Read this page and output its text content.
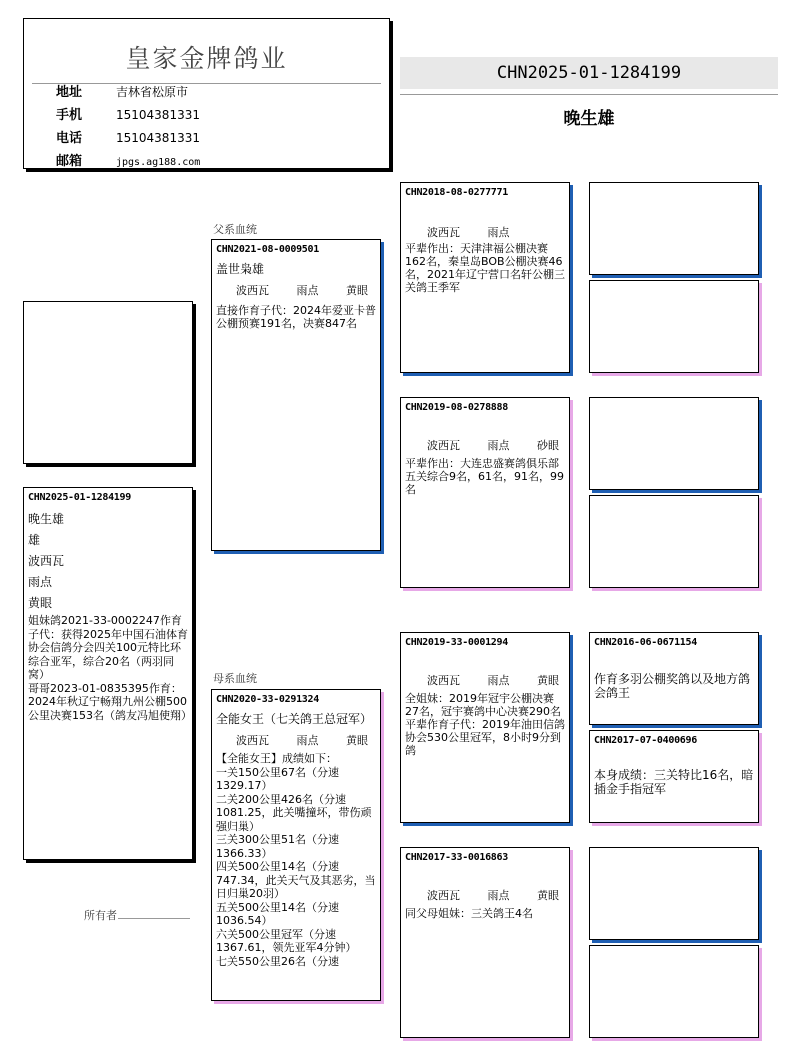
皇家金牌鸽业
地址	吉林省松原市
手机	15104381331
电话	15104381331
邮箱	jpgs.ag188.com
CHN2025-01-1284199
晚生雄
CHN2025-01-1284199
晚生雄
雄
波西瓦
雨点
黄眼
姐妹鸽2021-33-0002247作育子代：获得2025年中国石油体育协会信鸽分会四关100元特比环综合亚军，综合20名（两羽同窝）
哥哥2023-01-0835395作育：2024年秋辽宁畅翔九州公棚500公里决赛153名（鸽友冯旭使翔）
所有者
父系血统
母系血统
CHN2021-08-0009501
盖世枭雄
波西瓦 雨点 黄眼
直接作育子代：2024年爱亚卡普公棚预赛191名，决赛847名
CHN2020-33-0291324
全能女王（七关鸽王总冠军）
波西瓦 雨点 黄眼
【全能女王】成绩如下：
一关150公里67名（分速1329.17）
二关200公里426名（分速1081.25，此关嘴撞坏，带伤顽强归巢）
三关300公里51名（分速1366.33）
四关500公里14名（分速747.34，此关天气及其恶劣，当日归巢20羽）
五关500公里14名（分速1036.54）
六关500公里冠军（分速1367.61，领先亚军4分钟）
七关550公里26名（分速
CHN2018-08-0277771
波西瓦 雨点
平辈作出：天津津福公棚决赛162名，秦皇岛BOB公棚决赛46名，2021年辽宁营口名轩公棚三关鸽王季军
CHN2019-08-0278888
波西瓦 雨点 砂眼
平辈作出：大连忠盛赛鸽俱乐部五关综合9名，61名，91名，99名
CHN2019-33-0001294
波西瓦 雨点 黄眼
全姐妹：2019年冠宇公棚决赛27名，冠宇赛鸽中心决赛290名
平辈作育子代：2019年油田信鸽协会530公里冠军，8小时9分到鸽
CHN2017-33-0016863
波西瓦 雨点 黄眼
同父母姐妹：三关鸽王4名
CHN2016-06-0671154
作育多羽公棚奖鸽以及地方鸽会鸽王
CHN2017-07-0400696
本身成绩：三关特比16名，暗插金手指冠军
